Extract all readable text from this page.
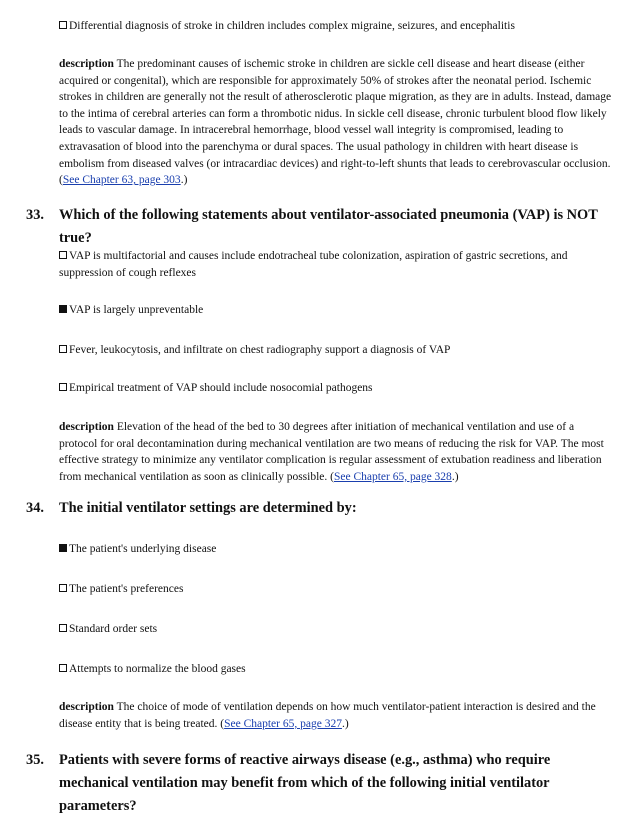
Differential diagnosis of stroke in children includes complex migraine, seizures, and encephalitis
description The predominant causes of ischemic stroke in children are sickle cell disease and heart disease (either acquired or congenital), which are responsible for approximately 50% of strokes after the neonatal period. Ischemic strokes in children are generally not the result of atherosclerotic plaque migration, as they are in adults. Instead, damage to the intima of cerebral arteries can form a thrombotic nidus. In sickle cell disease, chronic turbulent blood flow likely leads to vascular damage. In intracerebral hemorrhage, blood vessel wall integrity is compromised, leading to extravasation of blood into the parenchyma or dural spaces. The usual pathology in children with heart disease is embolism from diseased valves (or intracardiac devices) and right-to-left shunts that leads to cerebrovascular occlusion. (See Chapter 63, page 303.)
33. Which of the following statements about ventilator-associated pneumonia (VAP) is NOT true?
VAP is multifactorial and causes include endotracheal tube colonization, aspiration of gastric secretions, and suppression of cough reflexes
VAP is largely unpreventable
Fever, leukocytosis, and infiltrate on chest radiography support a diagnosis of VAP
Empirical treatment of VAP should include nosocomial pathogens
description Elevation of the head of the bed to 30 degrees after initiation of mechanical ventilation and use of a protocol for oral decontamination during mechanical ventilation are two means of reducing the risk for VAP. The most effective strategy to minimize any ventilator complication is regular assessment of extubation readiness and liberation from mechanical ventilation as soon as clinically possible. (See Chapter 65, page 328.)
34. The initial ventilator settings are determined by:
The patient's underlying disease
The patient's preferences
Standard order sets
Attempts to normalize the blood gases
description The choice of mode of ventilation depends on how much ventilator-patient interaction is desired and the disease entity that is being treated. (See Chapter 65, page 327.)
35. Patients with severe forms of reactive airways disease (e.g., asthma) who require mechanical ventilation may benefit from which of the following initial ventilator parameters?
